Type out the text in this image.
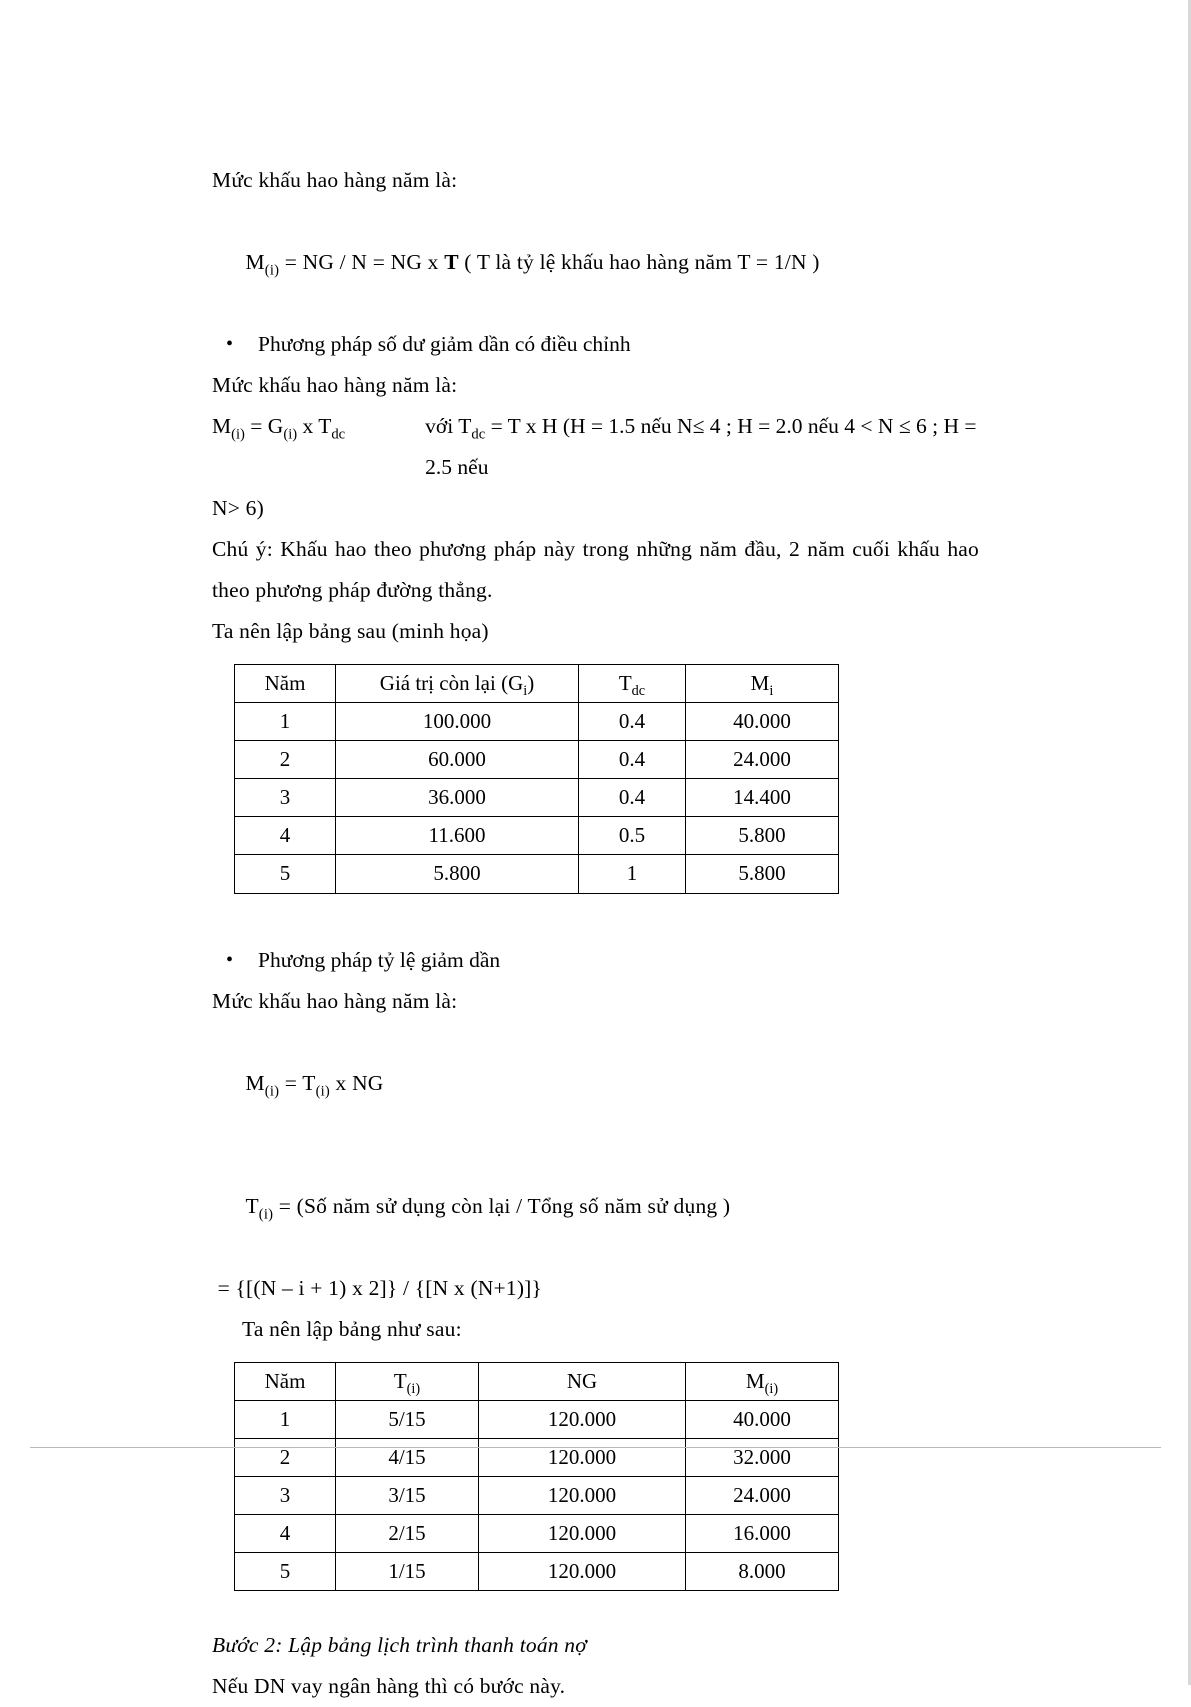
Mức khấu hao hàng năm là:

$M_{(i)}$ = NG / N = NG x T ( T là tỷ lệ khấu hao hàng năm T = 1/N )

•	Phương pháp số dư giảm dần có điều chỉnh
Mức khấu hao hàng năm là:
$M_{(i)} = G_{(i)}$ x $T_{dc}$	với $T_{dc} = T$ x H (H = 1.5 nếu N≤ 4 ; H = 2.0 nếu 4 < N ≤ 6 ; H = 2.5 nếu
N> 6)
Chú ý: Khấu hao theo phương pháp này trong những năm đầu, 2 năm cuối khấu hao theo phương pháp đường thẳng.
Ta nên lập bảng sau (minh họa)
Năm	Giá trị còn lại $(G_i)$	$T_{dc}$	$M_i$
1	100.000	0.4	40.000
2	60.000	0.4	24.000
3	36.000	0.4	14.400
4	11.600	0.5	5.800
5	5.800	1	5.800
•	Phương pháp tỷ lệ giảm dần
Mức khấu hao hàng năm là:

$M_{(i)} = T_{(i)}$ x NG

$T_{(i)}$ = (Số năm sử dụng còn lại / Tổng số năm sử dụng )

= {[(N – i + 1) x 2]} / {[N x (N+1)]}
Ta nên lập bảng như sau:
Năm	$T_{(i)}$	NG	$M_{(i)}$
1	5/15	120.000	40.000
2	4/15	120.000	32.000
3	3/15	120.000	24.000
4	2/15	120.000	16.000
5	1/15	120.000	8.000
Bước 2: Lập bảng lịch trình thanh toán nợ
Nếu DN vay ngân hàng thì có bước này.
